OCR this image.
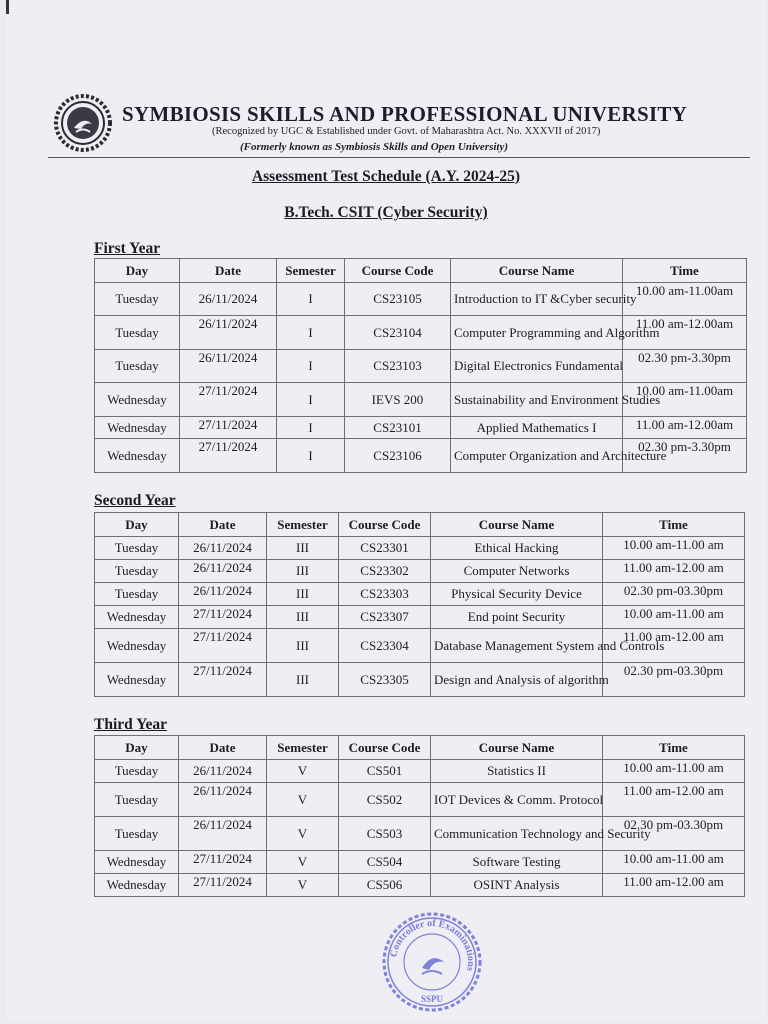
SYMBIOSIS SKILLS AND PROFESSIONAL UNIVERSITY
(Recognized by UGC & Established under Govt. of Maharashtra Act. No. XXXVII of 2017)
(Formerly known as Symbiosis Skills and Open University)
Assessment Test Schedule (A.Y. 2024-25)
B.Tech. CSIT (Cyber Security)
First Year
Day	Date	Semester	Course Code	Course Name	Time
Tuesday	26/11/2024	I	CS23105	Introduction to IT &Cyber security	10.00 am-11.00am
Tuesday	26/11/2024	I	CS23104	Computer Programming and Algorithm	11.00 am-12.00am
Tuesday	26/11/2024	I	CS23103	Digital Electronics Fundamental	02.30 pm-3.30pm
Wednesday	27/11/2024	I	IEVS 200	Sustainability and Environment Studies	10.00 am-11.00am
Wednesday	27/11/2024	I	CS23101	Applied Mathematics I	11.00 am-12.00am
Wednesday	27/11/2024	I	CS23106	Computer Organization and Architecture	02.30 pm-3.30pm
Second Year
Day	Date	Semester	Course Code	Course Name	Time
Tuesday	26/11/2024	III	CS23301	Ethical Hacking	10.00 am-11.00 am
Tuesday	26/11/2024	III	CS23302	Computer Networks	11.00 am-12.00 am
Tuesday	26/11/2024	III	CS23303	Physical Security Device	02.30 pm-03.30pm
Wednesday	27/11/2024	III	CS23307	End point Security	10.00 am-11.00 am
Wednesday	27/11/2024	III	CS23304	Database Management System and Controls	11.00 am-12.00 am
Wednesday	27/11/2024	III	CS23305	Design and Analysis of algorithm	02.30 pm-03.30pm
Third Year
Day	Date	Semester	Course Code	Course Name	Time
Tuesday	26/11/2024	V	CS501	Statistics II	10.00 am-11.00 am
Tuesday	26/11/2024	V	CS502	IOT Devices & Comm. Protocol	11.00 am-12.00 am
Tuesday	26/11/2024	V	CS503	Communication Technology and Security	02.30 pm-03.30pm
Wednesday	27/11/2024	V	CS504	Software Testing	10.00 am-11.00 am
Wednesday	27/11/2024	V	CS506	OSINT Analysis	11.00 am-12.00 am
Controller of Examinations
SSPU
